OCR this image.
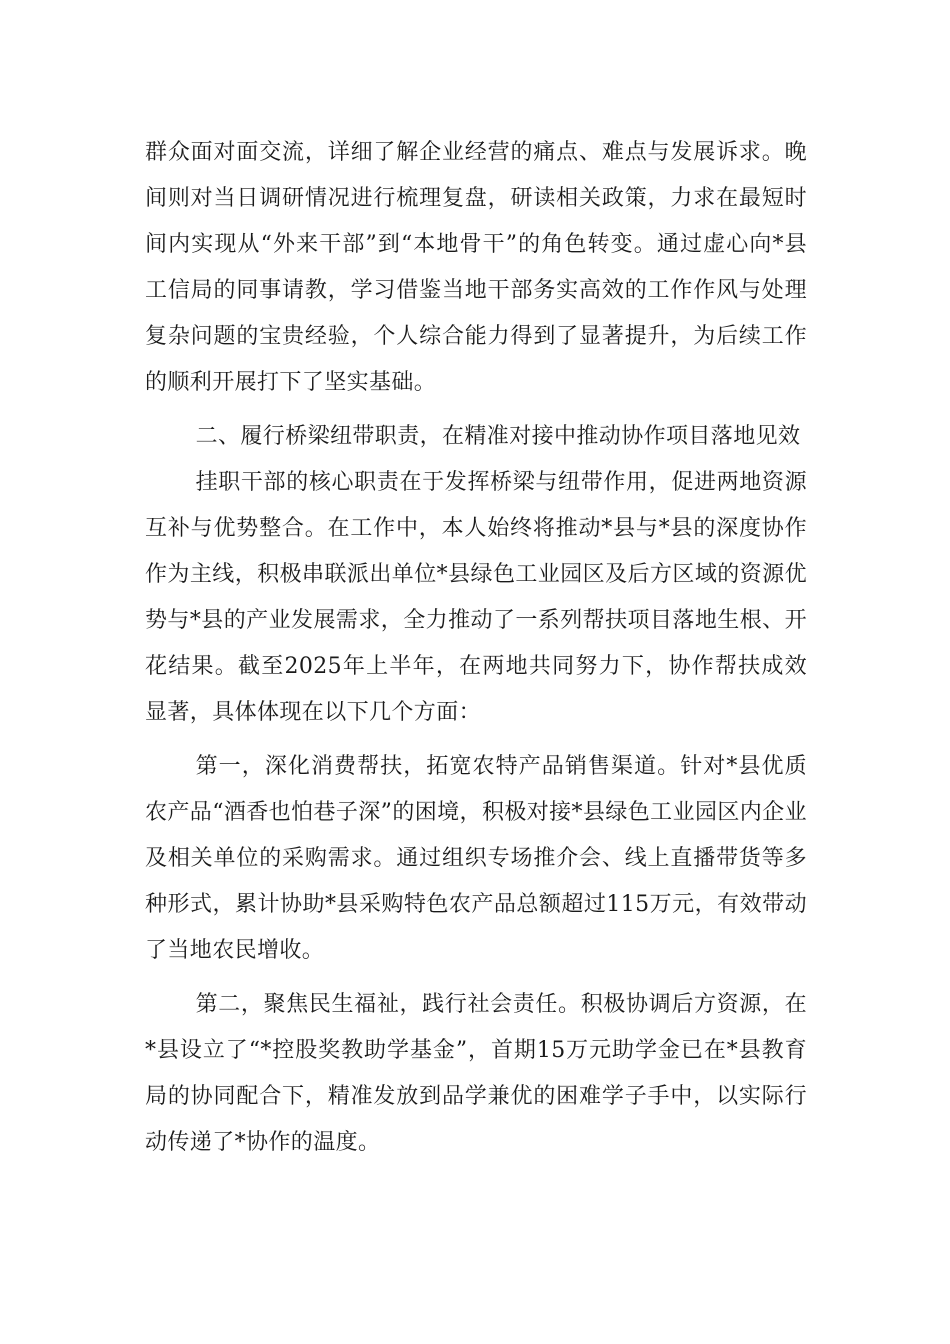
群众面对面交流，详细了解企业经营的痛点、难点与发展诉求。晚间则对当日调研情况进行梳理复盘，研读相关政策，力求在最短时间内实现从“外来干部”到“本地骨干”的角色转变。通过虚心向*县工信局的同事请教，学习借鉴当地干部务实高效的工作作风与处理复杂问题的宝贵经验，个人综合能力得到了显著提升，为后续工作的顺利开展打下了坚实基础。

二、履行桥梁纽带职责，在精准对接中推动协作项目落地见效

挂职干部的核心职责在于发挥桥梁与纽带作用，促进两地资源互补与优势整合。在工作中，本人始终将推动*县与*县的深度协作作为主线，积极串联派出单位*县绿色工业园区及后方区域的资源优势与*县的产业发展需求，全力推动了一系列帮扶项目落地生根、开花结果。截至2025年上半年，在两地共同努力下，协作帮扶成效显著，具体体现在以下几个方面：

第一，深化消费帮扶，拓宽农特产品销售渠道。针对*县优质农产品“酒香也怕巷子深”的困境，积极对接*县绿色工业园区内企业及相关单位的采购需求。通过组织专场推介会、线上直播带货等多种形式，累计协助*县采购特色农产品总额超过115万元，有效带动了当地农民增收。

第二，聚焦民生福祉，践行社会责任。积极协调后方资源，在*县设立了“*控股奖教助学基金”，首期15万元助学金已在*县教育局的协同配合下，精准发放到品学兼优的困难学子手中，以实际行动传递了*协作的温度。
